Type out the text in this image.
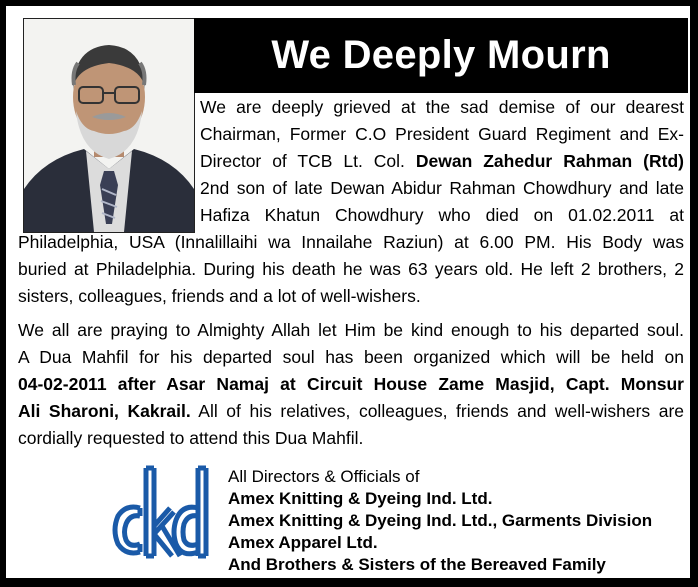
We Deeply Mourn
We are deeply grieved at the sad demise of our dearest
Chairman, Former C.O President Guard Regiment and Ex-
Director of TCB Lt. Col. Dewan Zahedur Rahman (Rtd)
2nd son of late Dewan Abidur Rahman Chowdhury and late
Hafiza Khatun Chowdhury who died on 01.02.2011 at
Philadelphia, USA (Innalillaihi wa Innailahe Raziun) at 6.00 PM. His Body was
buried at Philadelphia. During his death he was 63 years old. He left 2 brothers, 2
sisters, colleagues, friends and a lot of well-wishers.
We all are praying to Almighty Allah let Him be kind enough to his departed soul.
A Dua Mahfil for his departed soul has been organized which will be held on
04-02-2011 after Asar Namaj at Circuit House Zame Masjid, Capt. Monsur
Ali Sharoni, Kakrail. All of his relatives, colleagues, friends and well-wishers are
cordially requested to attend this Dua Mahfil.
All Directors & Officials of
Amex Knitting & Dyeing Ind. Ltd.
Amex Knitting & Dyeing Ind. Ltd., Garments Division
Amex Apparel Ltd.
And Brothers & Sisters of the Bereaved Family
